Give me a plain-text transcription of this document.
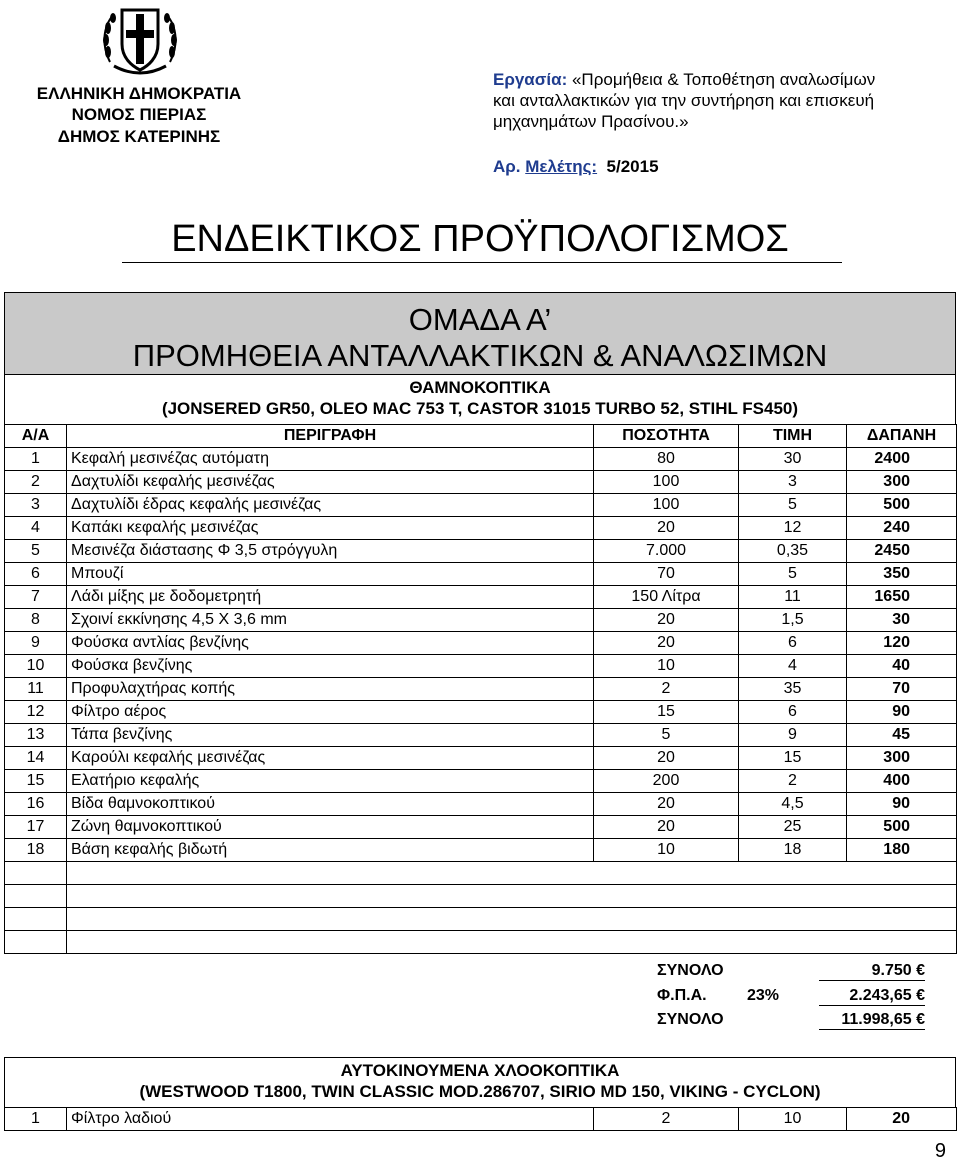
ΕΛΛΗΝΙΚΗ ΔΗΜΟΚΡΑΤΙΑ
ΝΟΜΟΣ ΠΙΕΡΙΑΣ
ΔΗΜΟΣ ΚΑΤΕΡΙΝΗΣ
Εργασία: «Προμήθεια & Τοποθέτηση αναλωσίμων
και ανταλλακτικών για την συντήρηση και επισκευή
μηχανημάτων Πρασίνου.»
Αρ. Μελέτης: 5/2015
ΕΝΔΕΙΚΤΙΚΟΣ ΠΡΟΫΠΟΛΟΓΙΣΜΟΣ
ΟΜΑΔΑ Α’
ΠΡΟΜΗΘΕΙΑ ΑΝΤΑΛΛΑΚΤΙΚΩΝ & ΑΝΑΛΩΣΙΜΩΝ
ΘΑΜΝΟΚΟΠΤΙΚΑ
(JONSERED GR50, OLEO MAC 753 T, CASTOR 31015 TURBO 52, STIHL FS450)
Α/Α	ΠΕΡΙΓΡΑΦΗ	ΠΟΣΟΤΗΤΑ	ΤΙΜΗ	ΔΑΠΑΝΗ
1	Κεφαλή μεσινέζας αυτόματη	80	30	2400
2	Δαχτυλίδι κεφαλής μεσινέζας	100	3	300
3	Δαχτυλίδι έδρας κεφαλής μεσινέζας	100	5	500
4	Καπάκι κεφαλής μεσινέζας	20	12	240
5	Μεσινέζα διάστασης Φ 3,5 στρόγγυλη	7.000	0,35	2450
6	Μπουζί	70	5	350
7	Λάδι μίξης με δοδομετρητή	150 Λίτρα	11	1650
8	Σχοινί εκκίνησης 4,5 Χ 3,6 mm	20	1,5	30
9	Φούσκα αντλίας βενζίνης	20	6	120
10	Φούσκα βενζίνης	10	4	40
11	Προφυλαχτήρας κοπής	2	35	70
12	Φίλτρο αέρος	15	6	90
13	Τάπα βενζίνης	5	9	45
14	Καρούλι κεφαλής μεσινέζας	20	15	300
15	Ελατήριο κεφαλής	200	2	400
16	Βίδα θαμνοκοπτικού	20	4,5	90
17	Ζώνη θαμνοκοπτικού	20	25	500
18	Βάση κεφαλής βιδωτή	10	18	180

ΣΥΝΟΛΟ	9.750 €
Φ.Π.Α.	23%	2.243,65 €
ΣΥΝΟΛΟ	11.998,65 €
ΑΥΤΟΚΙΝΟΥΜΕΝΑ ΧΛΟΟΚΟΠΤΙΚΑ
(WESTWOOD T1800, TWIN CLASSIC MOD.286707, SIRIO MD 150, VIKING - CYCLON)
1	Φίλτρο λαδιού	2	10	20
9
